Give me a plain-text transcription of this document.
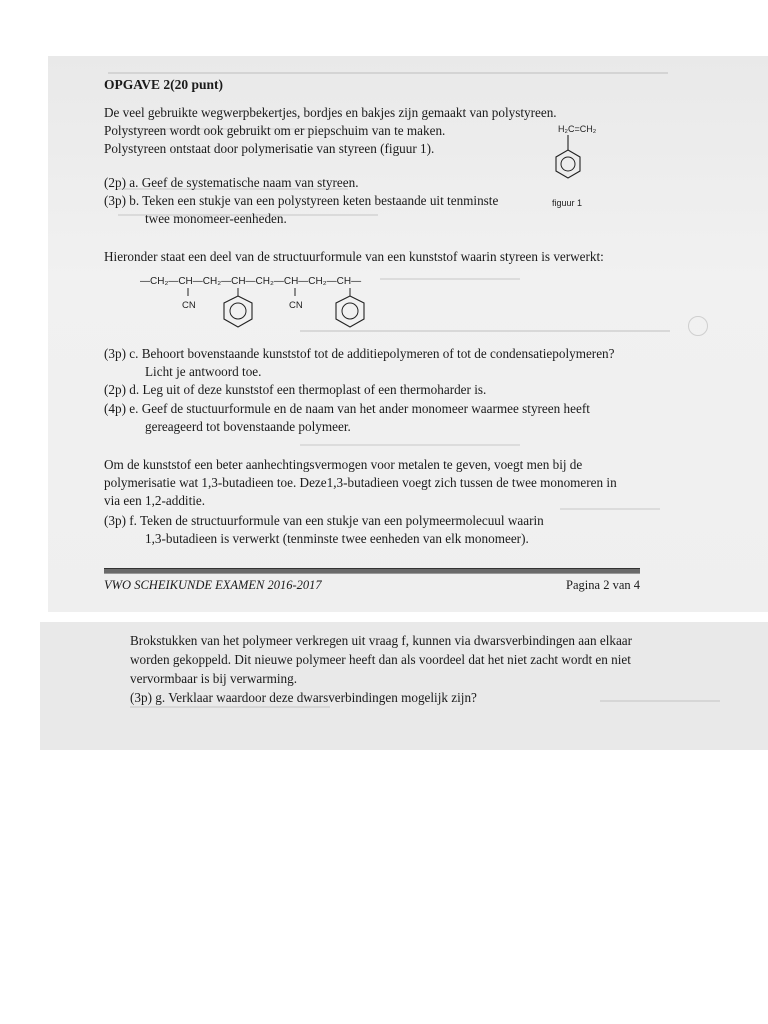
OPGAVE 2(20 punt)
De veel gebruikte wegwerpbekertjes, bordjes en bakjes zijn gemaakt van polystyreen.
Polystyreen wordt ook gebruikt om er piepschuim van te maken.
Polystyreen ontstaat door polymerisatie van styreen (figuur 1).
H₂C=CH₂
figuur 1
(2p) a. Geef de systematische naam van styreen.
(3p) b. Teken een stukje van een polystyreen keten bestaande uit tenminste
twee monomeer-eenheden.
Hieronder staat een deel van de structuurformule van een kunststof waarin styreen is verwerkt:
—CH₂—CH—CH₂—CH—CH₂—CH—CH₂—CH—
CN	CN
(3p) c. Behoort bovenstaande kunststof tot de additiepolymeren of tot de condensatiepolymeren?
Licht je antwoord toe.
(2p) d. Leg uit of deze kunststof een thermoplast of een thermoharder is.
(4p) e. Geef de stuctuurformule en de naam van het ander monomeer waarmee styreen heeft
gereageerd tot bovenstaande polymeer.
Om de kunststof een beter aanhechtingsvermogen voor metalen te geven, voegt men bij de
polymerisatie wat 1,3-butadieen toe. Deze1,3-butadieen voegt zich tussen de twee monomeren in
via een 1,2-additie.
(3p) f. Teken de structuurformule van een stukje van een polymeermolecuul waarin
1,3-butadieen is verwerkt (tenminste twee eenheden van elk monomeer).
VWO SCHEIKUNDE EXAMEN 2016-2017	Pagina 2 van 4
Brokstukken van het polymeer verkregen uit vraag f, kunnen via dwarsverbindingen aan elkaar
worden gekoppeld. Dit nieuwe polymeer heeft dan als voordeel dat het niet zacht wordt en niet
vervormbaar is bij verwarming.
(3p) g. Verklaar waardoor deze dwarsverbindingen mogelijk zijn?
